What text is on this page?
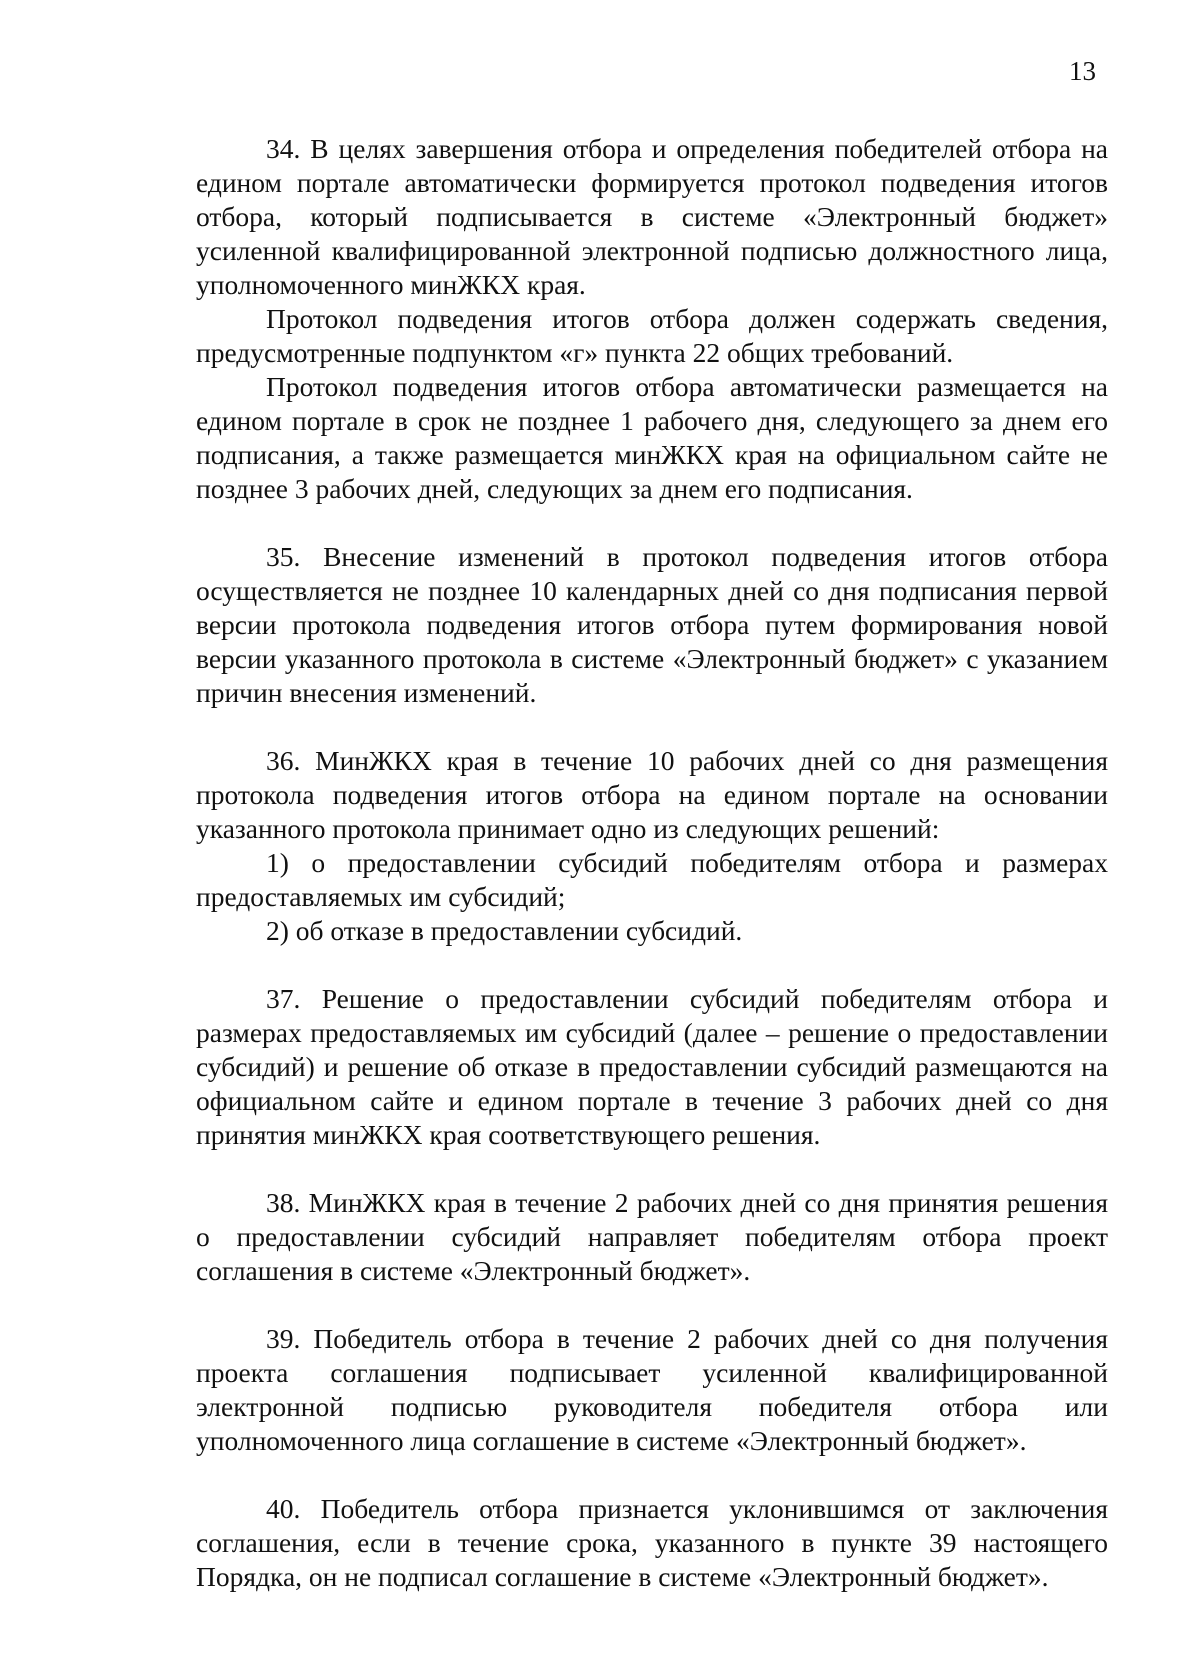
13

34. В целях завершения отбора и определения победителей отбора на едином портале автоматически формируется протокол подведения итогов отбора, который подписывается в системе «Электронный бюджет» усиленной квалифицированной электронной подписью должностного лица, уполномоченного минЖКХ края.

Протокол подведения итогов отбора должен содержать сведения, предусмотренные подпунктом «г» пункта 22 общих требований.

Протокол подведения итогов отбора автоматически размещается на едином портале в срок не позднее 1 рабочего дня, следующего за днем его подписания, а также размещается минЖКХ края на официальном сайте не позднее 3 рабочих дней, следующих за днем его подписания.

35. Внесение изменений в протокол подведения итогов отбора осуществляется не позднее 10 календарных дней со дня подписания первой версии протокола подведения итогов отбора путем формирования новой версии указанного протокола в системе «Электронный бюджет» с указанием причин внесения изменений.

36. МинЖКХ края в течение 10 рабочих дней со дня размещения протокола подведения итогов отбора на едином портале на основании указанного протокола принимает одно из следующих решений:

1) о предоставлении субсидий победителям отбора и размерах предоставляемых им субсидий;

2) об отказе в предоставлении субсидий.

37. Решение о предоставлении субсидий победителям отбора и размерах предоставляемых им субсидий (далее – решение о предоставлении субсидий) и решение об отказе в предоставлении субсидий размещаются на официальном сайте и едином портале в течение 3 рабочих дней со дня принятия минЖКХ края соответствующего решения.

38. МинЖКХ края в течение 2 рабочих дней со дня принятия решения о предоставлении субсидий направляет победителям отбора проект соглашения в системе «Электронный бюджет».

39. Победитель отбора в течение 2 рабочих дней со дня получения проекта соглашения подписывает усиленной квалифицированной электронной подписью руководителя победителя отбора или уполномоченного лица соглашение в системе «Электронный бюджет».

40. Победитель отбора признается уклонившимся от заключения соглашения, если в течение срока, указанного в пункте 39 настоящего Порядка, он не подписал соглашение в системе «Электронный бюджет».
